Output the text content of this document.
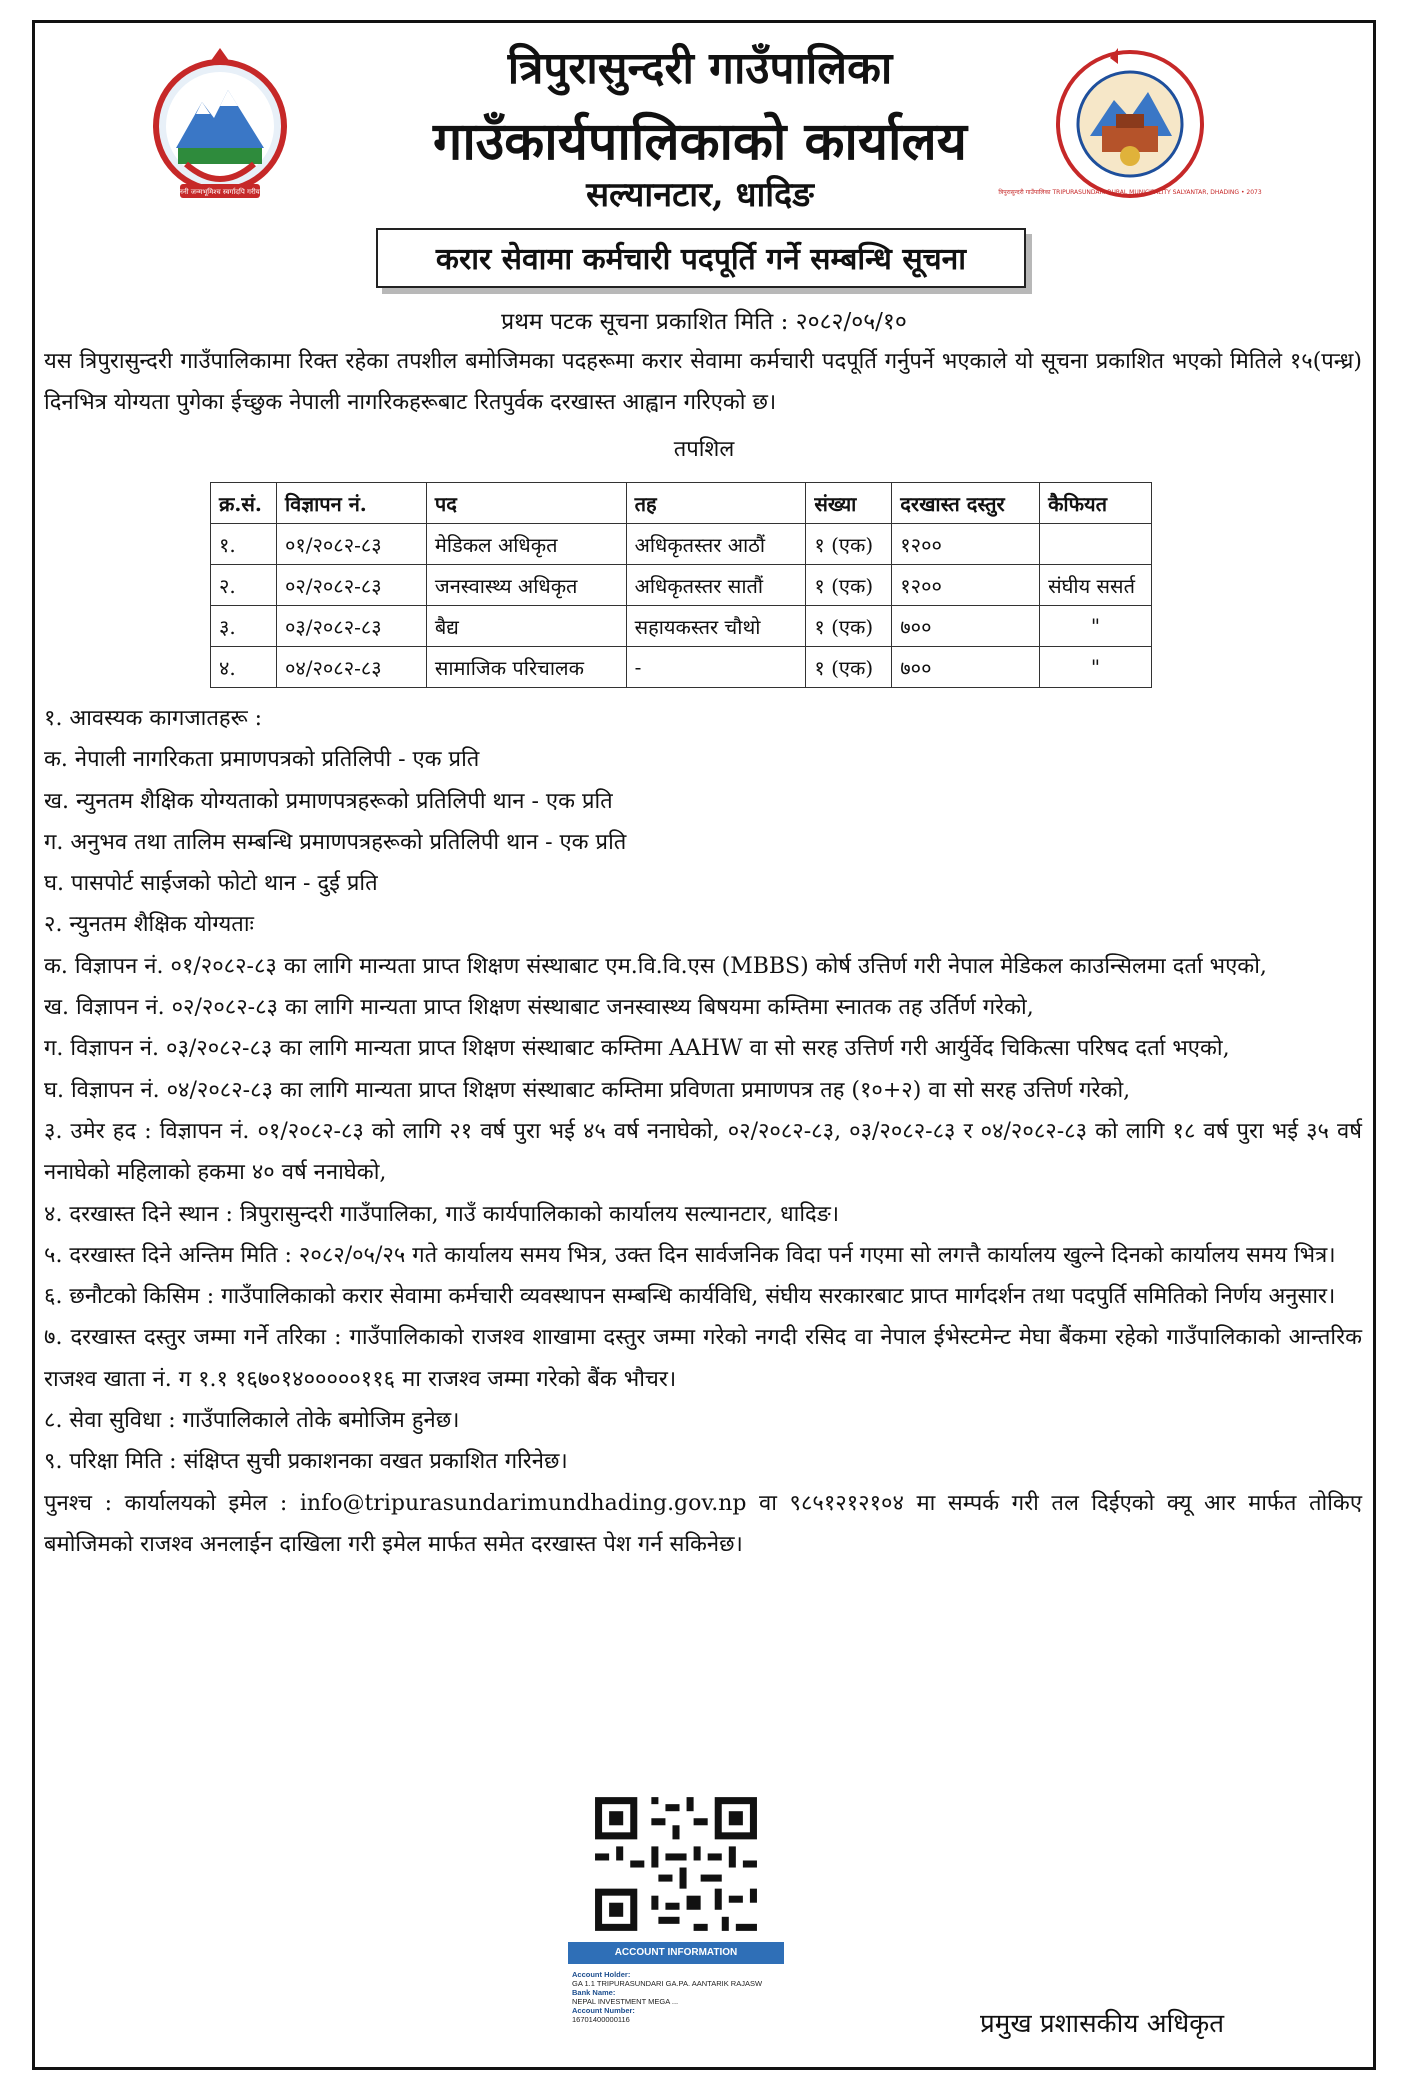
जननी जन्मभूमिश्च स्वर्गादपि गरीयसी	त्रिपुरासुन्दरी गाउँपालिका TRIPURASUNDARI RURAL MUNICIPALITY SALYANTAR, DHADING • 2073
त्रिपुरासुन्दरी गाउँपालिका
गाउँकार्यपालिकाको कार्यालय
सल्यानटार, धादिङ
करार सेवामा कर्मचारी पदपूर्ति गर्ने सम्बन्धि सूचना

प्रथम पटक सूचना प्रकाशित मिति : २०८२/०५/१०

यस त्रिपुरासुन्दरी गाउँपालिकामा रिक्त रहेका तपशील बमोजिमका पदहरूमा करार सेवामा कर्मचारी पदपूर्ति गर्नुपर्ने भएकाले यो सूचना प्रकाशित भएको मितिले १५(पन्ध्र) दिनभित्र योग्यता पुगेका ईच्छुक नेपाली नागरिकहरूबाट रितपुर्वक दरखास्त आह्वान गरिएको छ।

तपशिल

क्र.सं.	विज्ञापन नं.	पद	तह	संख्या	दरखास्त दस्तुर	कैफियत
१.	०१/२०८२-८३	मेडिकल अधिकृत	अधिकृतस्तर आठौं	१ (एक)	१२००	
२.	०२/२०८२-८३	जनस्वास्थ्य अधिकृत	अधिकृतस्तर सातौं	१ (एक)	१२००	संघीय ससर्त
३.	०३/२०८२-८३	बैद्य	सहायकस्तर चौथो	१ (एक)	७००	"
४.	०४/२०८२-८३	सामाजिक परिचालक	-	१ (एक)	७००	"
१. आवस्यक कागजातहरू :
क. नेपाली नागरिकता प्रमाणपत्रको प्रतिलिपी - एक प्रति
ख. न्युनतम शैक्षिक योग्यताको प्रमाणपत्रहरूको प्रतिलिपी थान - एक प्रति
ग. अनुभव तथा तालिम सम्बन्धि प्रमाणपत्रहरूको प्रतिलिपी थान - एक प्रति
घ. पासपोर्ट साईजको फोटो थान - दुई प्रति
२. न्युनतम शैक्षिक योग्यताः
क. विज्ञापन नं. ०१/२०८२-८३ का लागि मान्यता प्राप्त शिक्षण संस्थाबाट एम.वि.वि.एस (MBBS) कोर्ष उत्तिर्ण गरी नेपाल मेडिकल काउन्सिलमा दर्ता भएको,
ख. विज्ञापन नं. ०२/२०८२-८३ का लागि मान्यता प्राप्त शिक्षण संस्थाबाट जनस्वास्थ्य बिषयमा कम्तिमा स्नातक तह उर्तिर्ण गरेको,
ग. विज्ञापन नं. ०३/२०८२-८३ का लागि मान्यता प्राप्त शिक्षण संस्थाबाट कम्तिमा AAHW वा सो सरह उत्तिर्ण गरी आर्युर्वेद चिकित्सा परिषद दर्ता भएको,
घ. विज्ञापन नं. ०४/२०८२-८३ का लागि मान्यता प्राप्त शिक्षण संस्थाबाट कम्तिमा प्रविणता प्रमाणपत्र तह (१०+२) वा सो सरह उत्तिर्ण गरेको,
३. उमेर हद : विज्ञापन नं. ०१/२०८२-८३ को लागि २१ वर्ष पुरा भई ४५ वर्ष ननाघेको, ०२/२०८२-८३, ०३/२०८२-८३ र ०४/२०८२-८३ को लागि १८ वर्ष पुरा भई ३५ वर्ष ननाघेको महिलाको हकमा ४० वर्ष ननाघेको,
४. दरखास्त दिने स्थान : त्रिपुरासुन्दरी गाउँपालिका, गाउँ कार्यपालिकाको कार्यालय सल्यानटार, धादिङ।
५. दरखास्त दिने अन्तिम मिति : २०८२/०५/२५ गते कार्यालय समय भित्र, उक्त दिन सार्वजनिक विदा पर्न गएमा सो लगत्तै कार्यालय खुल्ने दिनको कार्यालय समय भित्र।
६. छनौटको किसिम : गाउँपालिकाको करार सेवामा कर्मचारी व्यवस्थापन सम्बन्धि कार्यविधि, संघीय सरकारबाट प्राप्त मार्गदर्शन तथा पदपुर्ति समितिको निर्णय अनुसार।
७. दरखास्त दस्तुर जम्मा गर्ने तरिका : गाउँपालिकाको राजश्व शाखामा दस्तुर जम्मा गरेको नगदी रसिद वा नेपाल ईभेस्टमेन्ट मेघा बैंकमा रहेको गाउँपालिकाको आन्तरिक राजश्व खाता नं. ग १.१ १६७०१४०००००११६ मा राजश्व जम्मा गरेको बैंक भौचर।
८. सेवा सुविधा : गाउँपालिकाले तोके बमोजिम हुनेछ।
९. परिक्षा मिति : संक्षिप्त सुची प्रकाशनका वखत प्रकाशित गरिनेछ।
पुनश्च : कार्यालयको इमेल : info@tripurasundarimundhading.gov.np वा ९८५१२१२१०४ मा सम्पर्क गरी तल दिईएको क्यू आर मार्फत तोकिए बमोजिमको राजश्व अनलाईन दाखिला गरी इमेल मार्फत समेत दरखास्त पेश गर्न सकिनेछ।
ACCOUNT INFORMATION
Account Holder:
GA 1.1 TRIPURASUNDARI GA.PA. AANTARIK RAJASW
Bank Name:
NEPAL INVESTMENT MEGA ...
Account Number:
16701400000116	प्रमुख प्रशासकीय अधिकृत
